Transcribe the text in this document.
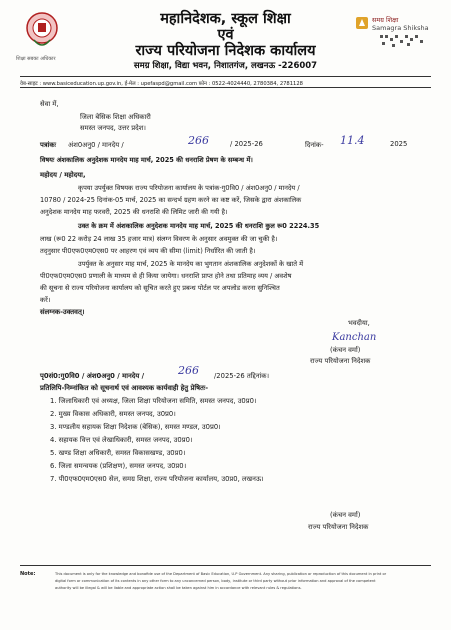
शिक्षा सबका अधिकार
महानिदेशक, स्कूल शिक्षा
एवं
राज्य परियोजना निदेशक कार्यालय
समग्र शिक्षा, विद्या भवन, निशातगंज, लखनऊ -226007
समग्र शिक्षा
Samagra Shiksha
वेब-साइट : www.basiceducation.up.gov.in, ई-मेल : upefaspd@gmail.com फ़ोन : 0522-4024440, 2780384, 2781128
सेवा में,
जिला बेसिक शिक्षा अधिकारी
समस्त जनपद, उत्तर प्रदेश।
पत्रांकः अंश0अनु0 / मानदेय /	266	/ 2025-26	दिनांक- 11.4	2025
विषयः अंशकालिक अनुदेशक मानदेय माह मार्च, 2025 की धनराशि प्रेषण के सम्बन्ध में।
महोदय / महोदया,
कृपया उपर्युक्त विषयक राज्य परियोजना कार्यालय के पत्रांक-गु0वि0 / अंश0अनु0 / मानदेय /
10780 / 2024-25 दिनांक-05 मार्च, 2025 का सन्दर्भ ग्रहण करने का कष्ट करें, जिसके द्वारा अंशकालिक
अनुदेशक मानदेय माह फरवरी, 2025 की धनराशि की लिमिट जारी की गयी है।
उक्त के क्रम में अंशकालिक अनुदेशक मानदेय माह मार्च, 2025 की धनराशि कुल रू0 2224.35
लाख (रू0 22 करोड़ 24 लाख 35 हजार मात्र) संलग्न विवरण के अनुसार अवमुक्त की जा चुकी है।
तद्नुसार पी0एफ0एम0एस0 पर आहरण एवं व्यय की सीमा (limit) निर्धारित की जाती है।
उपर्युक्त के अनुसार माह मार्च, 2025 के मानदेय का भुगतान अंशकालिक अनुदेशकों के खाते में
पी0एफ0एम0एस0 प्रणाली के माध्यम से ही किया जायेगा। धनराशि प्राप्त होने तथा प्रतिमाह व्यय / अवशेष
की सूचना से राज्य परियोजना कार्यालय को सूचित करते हुए प्रबन्ध पोर्टल पर अपलोड करना सुनिश्चित
करें।
संलग्नक-उक्तवत्।
भवदीया,
Kanchan
(कंचन वर्मा)
राज्य परियोजना निदेशक
पृ0सं0:गु0वि0 / अंश0अनु0 / मानदेय /	266 /2025-26 तद्दिनांक।
प्रतिलिपि-निम्नांकित को सूचनार्थ एवं आवश्यक कार्यवाही हेतु प्रेषितः-
1. जिलाधिकारी एवं अध्यक्ष, जिला शिक्षा परियोजना समिति, समस्त जनपद, उ0प्र0।
2. मुख्य विकास अधिकारी, समस्त जनपद, उ0प्र0।
3. मण्डलीय सहायक शिक्षा निदेशक (बेसिक), समस्त मण्डल, उ0प्र0।
4. सहायक वित्त एवं लेखाधिकारी, समस्त जनपद, उ0प्र0।
5. खण्ड शिक्षा अधिकारी, समस्त विकासखण्ड, उ0प्र0।
6. जिला समन्वयक (प्रशिक्षण), समस्त जनपद, उ0प्र0।
7. पी0एफ0एम0एस0 सेल, समग्र शिक्षा, राज्य परियोजना कार्यालय, उ0प्र0, लखनऊ।
(कंचन वर्मा)
राज्य परियोजना निदेशक
Note:	This document is only for the knowledge and bonafide use of the Department of Basic Education, U.P Government. Any sharing, publication or reproduction of this document in print or
digital form or communication of its contents in any other form to any unconcerned person, body, institute or third party without prior information and approval of the competent
authority will be illegal & will be liable and appropriate action shall be taken against him in accordance with relevant rules & regulations.
